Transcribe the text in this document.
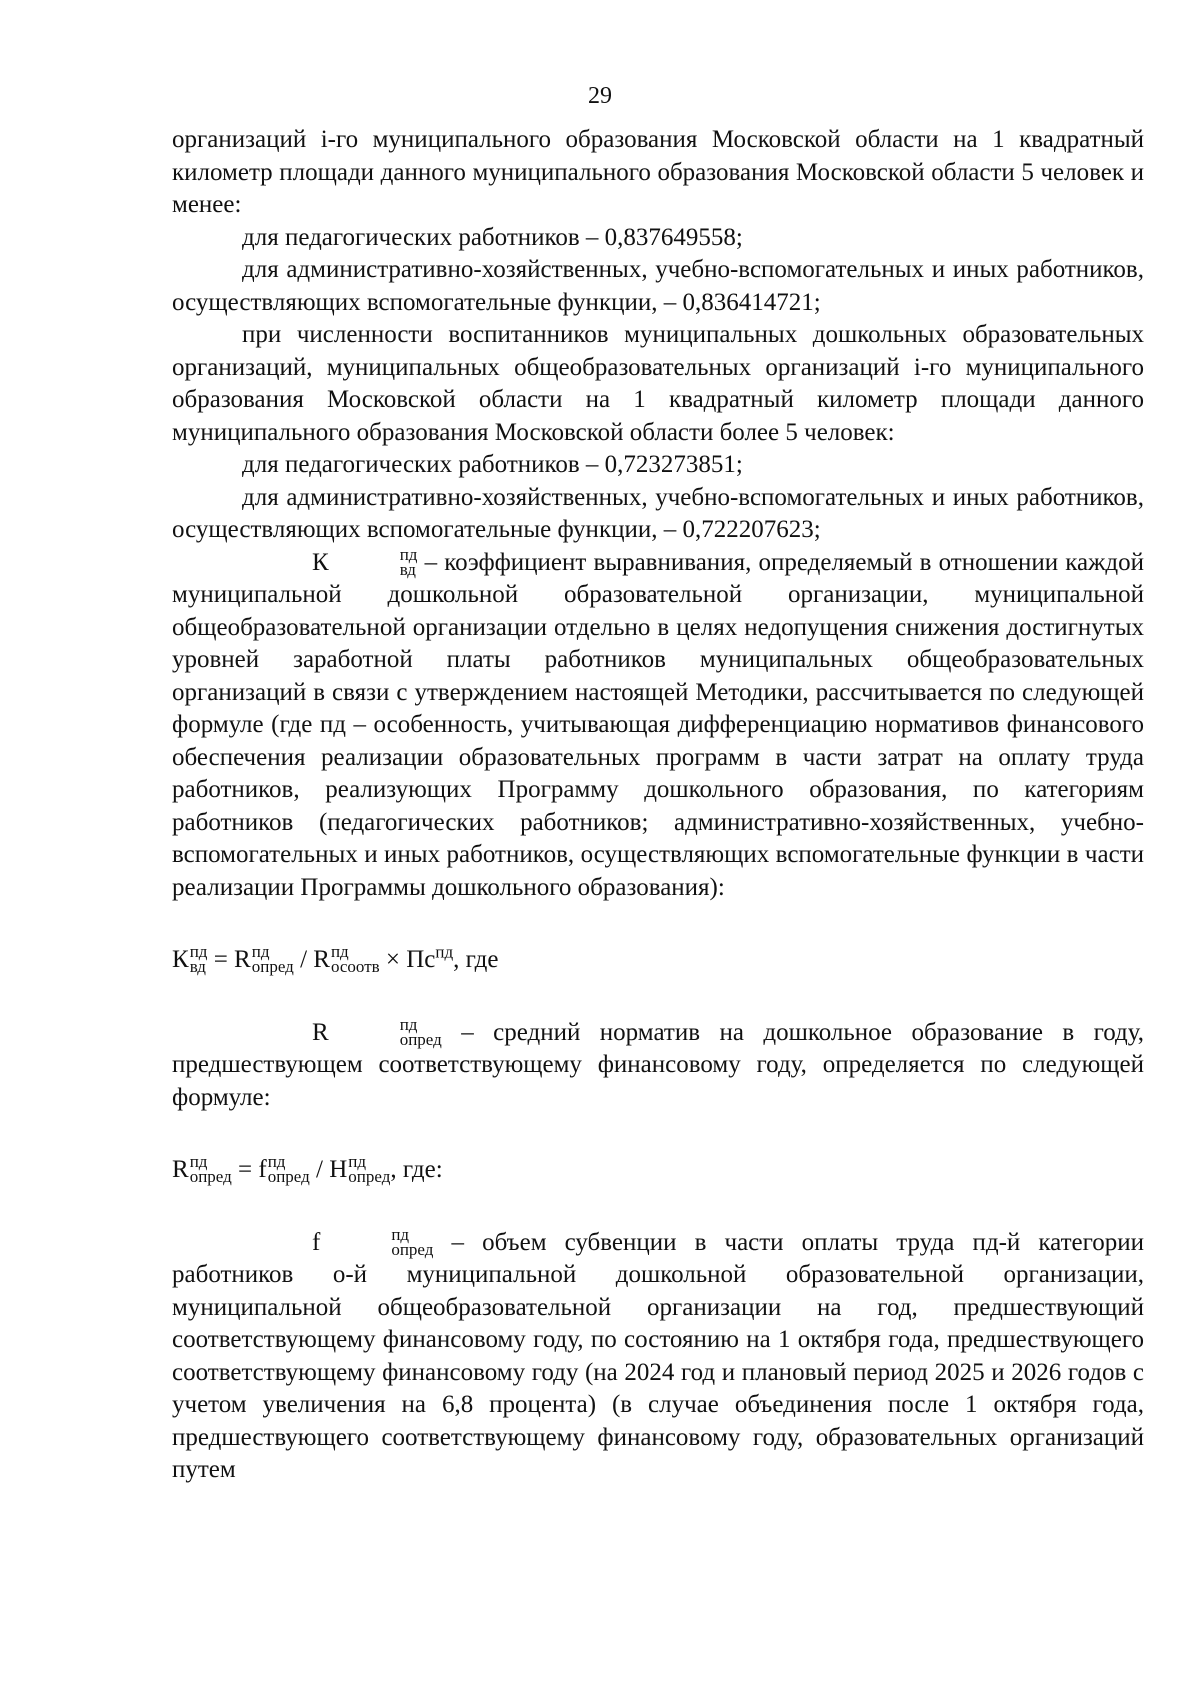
29

организаций i-го муниципального образования Московской области на 1 квадратный километр площади данного муниципального образования Московской области 5 человек и менее:

для педагогических работников – 0,837649558;

для административно-хозяйственных, учебно-вспомогательных и иных работников, осуществляющих вспомогательные функции, – 0,836414721;

при численности воспитанников муниципальных дошкольных образовательных организаций, муниципальных общеобразовательных организаций i-го муниципального образования Московской области на 1 квадратный километр площади данного муниципального образования Московской области более 5 человек:

для педагогических работников – 0,723273851;

для административно-хозяйственных, учебно-вспомогательных и иных работников, осуществляющих вспомогательные функции, – 0,722207623;

К	пд
вд – коэффициент выравнивания, определяемый в отношении каждой муниципальной дошкольной образовательной организации, муниципальной общеобразовательной организации отдельно в целях недопущения снижения достигнутых уровней заработной платы работников муниципальных общеобразовательных организаций в связи с утверждением настоящей Методики, рассчитывается по следующей формуле (где пд – особенность, учитывающая дифференциацию нормативов финансового обеспечения реализации образовательных программ в части затрат на оплату труда работников, реализующих Программу дошкольного образования, по категориям работников (педагогических работников; административно-хозяйственных, учебно-вспомогательных и иных работников, осуществляющих вспомогательные функции в части реализации Программы дошкольного образования):

К пд
вд = R пд
опред / R пд
осоотв × $Пс^{пд}$, где

R	пд
опред – средний норматив на дошкольное образование в году, предшествующем соответствующему финансовому году, определяется по следующей формуле:

R пд
опред = f пд
опред / Н пд
опред , где:

f	пд
опред – объем субвенции в части оплаты труда пд-й категории работников о-й муниципальной дошкольной образовательной организации, муниципальной общеобразовательной организации на год, предшествующий соответствующему финансовому году, по состоянию на 1 октября года, предшествующего соответствующему финансовому году (на 2024 год и плановый период 2025 и 2026 годов с учетом увеличения на 6,8 процента) (в случае объединения после 1 октября года, предшествующего соответствующему финансовому году, образовательных организаций путем
